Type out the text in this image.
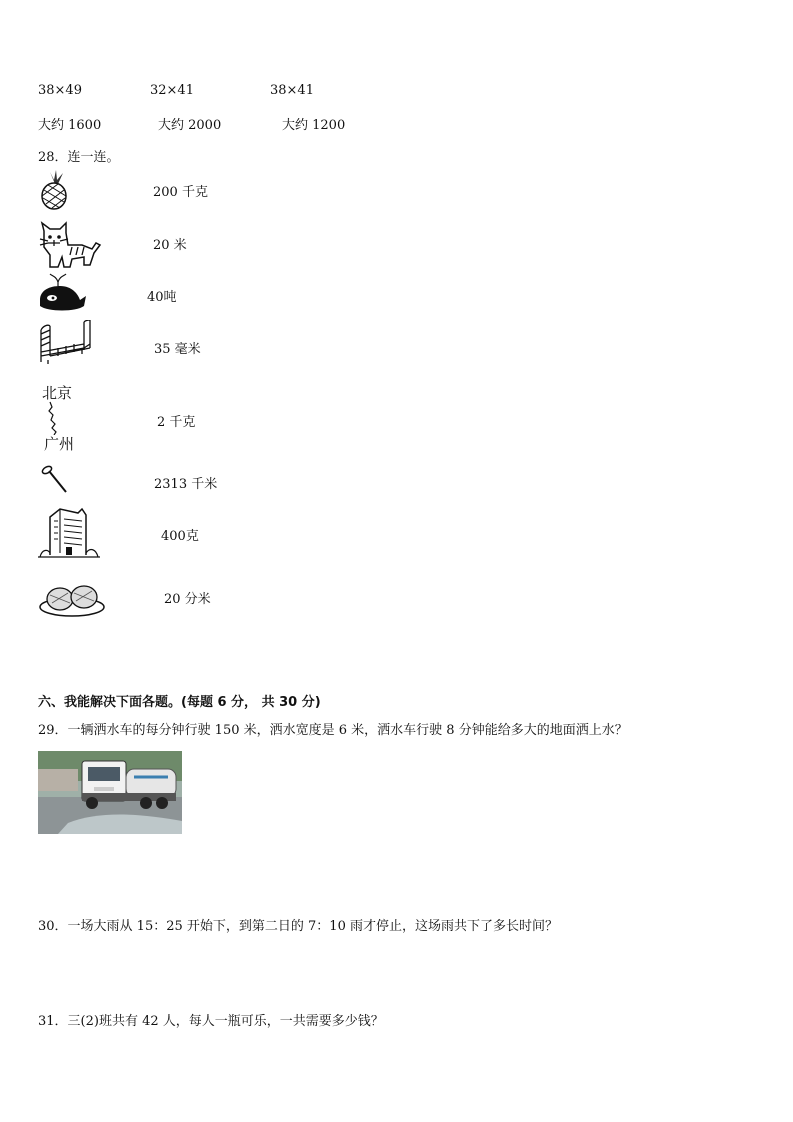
38×49	32×41	38×41
大约 1600	大约 2000	大约 1200
28．连一连。
200 千克
20 米
40吨
35 毫米
北京
广州
2 千克
2313 千米
400克
20 分米
六、我能解决下面各题。(每题 6 分， 共 30 分)
29．一辆洒水车的每分钟行驶 150 米，洒水宽度是 6 米，洒水车行驶 8 分钟能给多大的地面洒上水？
30．一场大雨从 15：25 开始下，到第二日的 7：10 雨才停止，这场雨共下了多长时间？
31．三(2)班共有 42 人，每人一瓶可乐，一共需要多少钱？
